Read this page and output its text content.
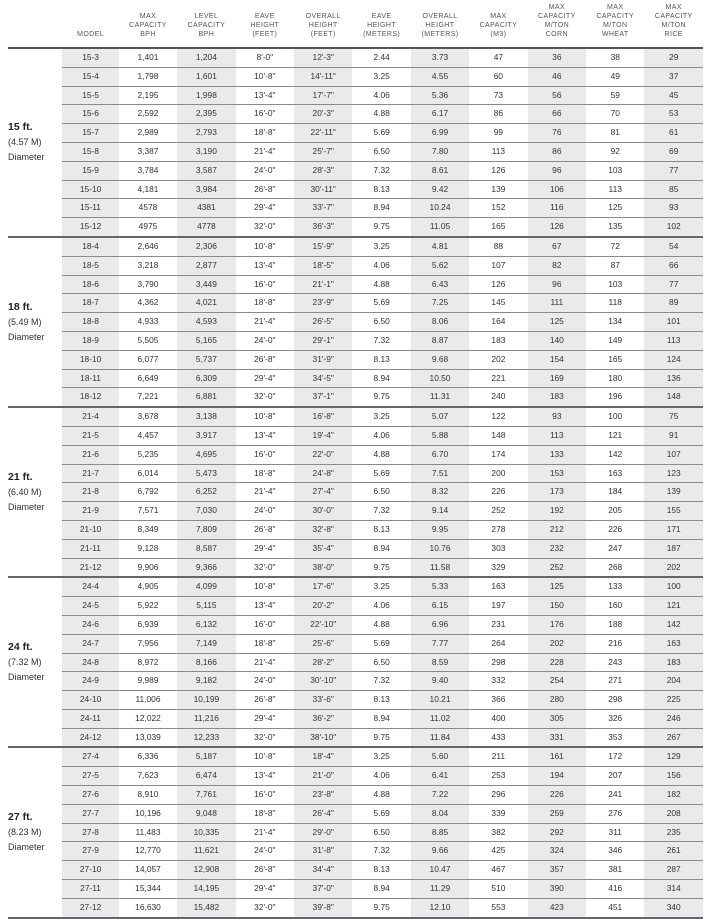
	MODEL	MAX
CAPACITY
BPH	LEVEL
CAPACITY
BPH	EAVE
HEIGHT
(FEET)	OVERALL
HEIGHT
(FEET)	EAVE
HEIGHT
(METERS)	OVERALL
HEIGHT
(METERS)	MAX
CAPACITY
(M3)	MAX
CAPACITY
M/TON
CORN	MAX
CAPACITY
M/TON
WHEAT	MAX
CAPACITY
M/TON
RICE

15 ft.
(4.57 M)
Diameter	15-3	1,401	1,204	8'-0"	12'-3"	2.44	3.73	47	36	38	29
	15-4	1,798	1,601	10'-8"	14'-11"	3.25	4.55	60	46	49	37
	15-5	2,195	1,998	13'-4"	17'-7"	4.06	5.36	73	56	59	45
	15-6	2,592	2,395	16'-0"	20'-3"	4.88	6.17	86	66	70	53
	15-7	2,989	2,793	18'-8"	22'-11"	5.69	6.99	99	76	81	61
	15-8	3,387	3,190	21'-4"	25'-7"	6.50	7.80	113	86	92	69
	15-9	3,784	3,587	24'-0"	28'-3"	7.32	8.61	126	96	103	77
	15-10	4,181	3,984	26'-8"	30'-11"	8.13	9.42	139	106	113	85
	15-11	4578	4381	29'-4"	33'-7"	8.94	10.24	152	116	125	93
	15-12	4975	4778	32'-0"	36'-3"	9.75	11.05	165	126	135	102

18 ft.
(5.49 M)
Diameter	18-4	2,646	2,306	10'-8"	15'-9"	3.25	4.81	88	67	72	54
	18-5	3,218	2,877	13'-4"	18'-5"	4.06	5.62	107	82	87	66
	18-6	3,790	3,449	16'-0"	21'-1"	4.88	6.43	126	96	103	77
	18-7	4,362	4,021	18'-8"	23'-9"	5.69	7.25	145	111	118	89
	18-8	4,933	4,593	21'-4"	26'-5"	6.50	8.06	164	125	134	101
	18-9	5,505	5,165	24'-0"	29'-1"	7.32	8.87	183	140	149	113
	18-10	6,077	5,737	26'-8"	31'-9"	8.13	9.68	202	154	165	124
	18-11	6,649	6,309	29'-4"	34'-5"	8.94	10.50	221	169	180	136
	18-12	7,221	6,881	32'-0"	37'-1"	9.75	11.31	240	183	196	148

21 ft.
(6.40 M)
Diameter	21-4	3,678	3,138	10'-8"	16'-8"	3.25	5.07	122	93	100	75
	21-5	4,457	3,917	13'-4"	19'-4"	4.06	5.88	148	113	121	91
	21-6	5,235	4,695	16'-0"	22'-0"	4.88	6.70	174	133	142	107
	21-7	6,014	5,473	18'-8"	24'-8"	5.69	7.51	200	153	163	123
	21-8	6,792	6,252	21'-4"	27'-4"	6.50	8.32	226	173	184	139
	21-9	7,571	7,030	24'-0"	30'-0"	7.32	9.14	252	192	205	155
	21-10	8,349	7,809	26'-8"	32'-8"	8.13	9.95	278	212	226	171
	21-11	9,128	8,587	29'-4"	35'-4"	8.94	10.76	303	232	247	187
	21-12	9,906	9,366	32'-0"	38'-0"	9.75	11.58	329	252	268	202

24 ft.
(7.32 M)
Diameter	24-4	4,905	4,099	10'-8"	17'-6"	3.25	5.33	163	125	133	100
	24-5	5,922	5,115	13'-4"	20'-2"	4.06	6.15	197	150	160	121
	24-6	6,939	6,132	16'-0"	22'-10"	4.88	6.96	231	176	188	142
	24-7	7,956	7,149	18'-8"	25'-6"	5.69	7.77	264	202	216	163
	24-8	8,972	8,166	21'-4"	28'-2"	6.50	8.59	298	228	243	183
	24-9	9,989	9,182	24'-0"	30'-10"	7.32	9.40	332	254	271	204
	24-10	11,006	10,199	26'-8"	33'-6"	8.13	10.21	366	280	298	225
	24-11	12,022	11,216	29'-4"	36'-2"	8.94	11.02	400	305	326	246
	24-12	13,039	12,233	32'-0"	38'-10"	9.75	11.84	433	331	353	267

27 ft.
(8.23 M)
Diameter	27-4	6,336	5,187	10'-8"	18'-4"	3.25	5.60	211	161	172	129
	27-5	7,623	6,474	13'-4"	21'-0"	4.06	6.41	253	194	207	156
	27-6	8,910	7,761	16'-0"	23'-8"	4.88	7.22	296	226	241	182
	27-7	10,196	9,048	18'-8"	26'-4"	5.69	8.04	339	259	276	208
	27-8	11,483	10,335	21'-4"	29'-0"	6.50	8.85	382	292	311	235
	27-9	12,770	11,621	24'-0"	31'-8"	7.32	9.66	425	324	346	261
	27-10	14,057	12,908	26'-8"	34'-4"	8.13	10.47	467	357	381	287
	27-11	15,344	14,195	29'-4"	37'-0"	8.94	11.29	510	390	416	314
	27-12	16,630	15,482	32'-0"	39'-8"	9.75	12.10	553	423	451	340
